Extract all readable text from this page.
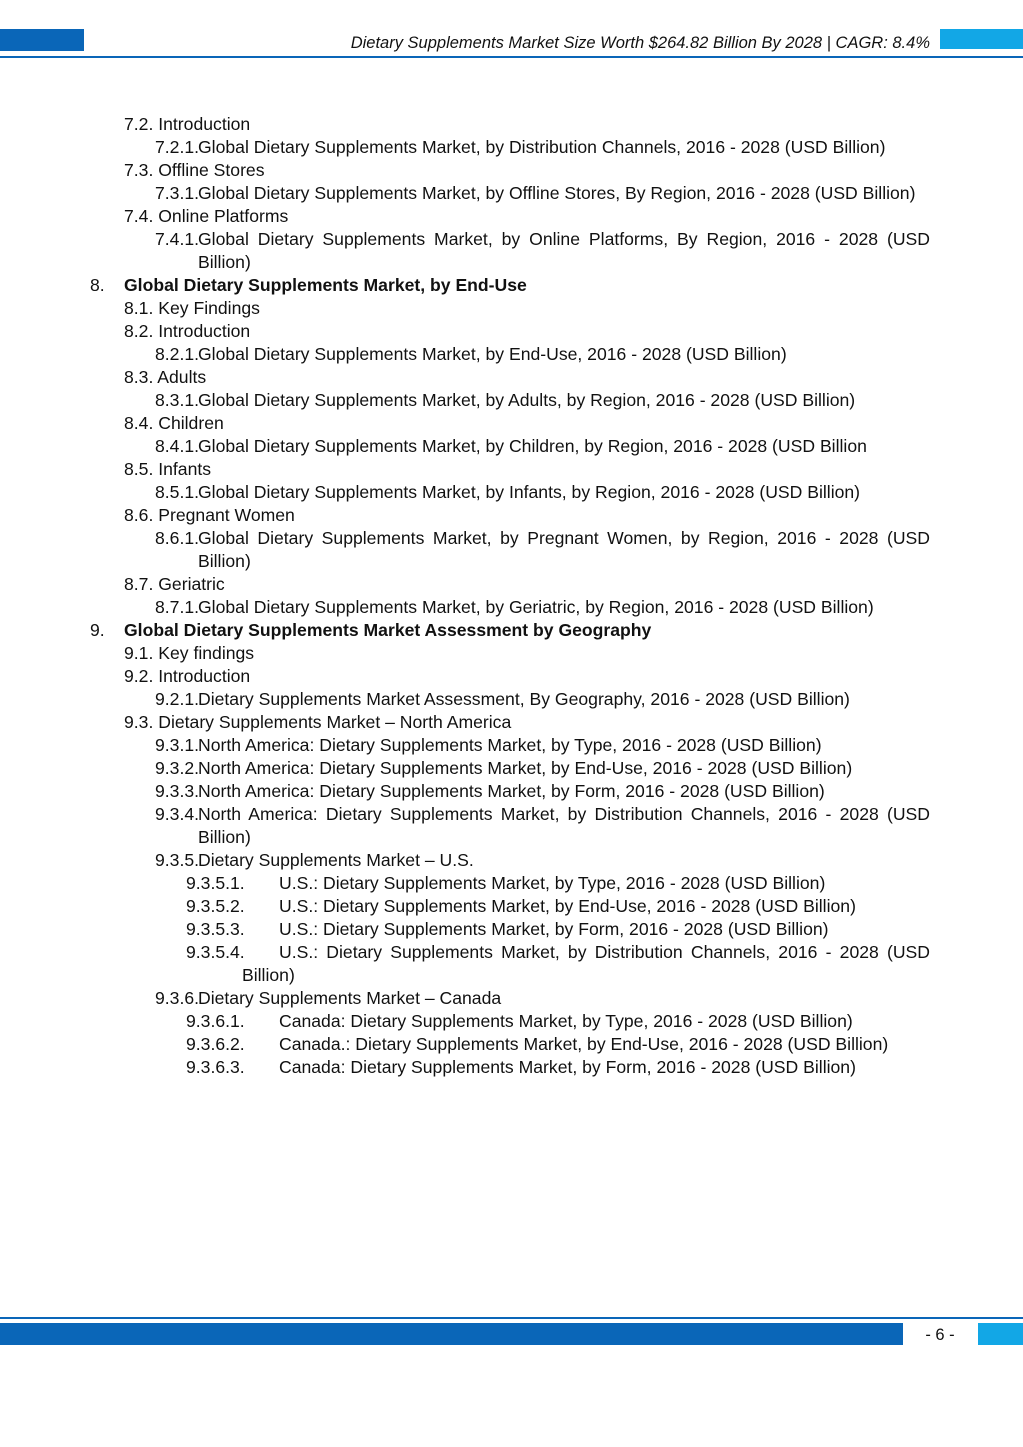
Dietary Supplements Market Size Worth $264.82 Billion By 2028 | CAGR: 8.4%
7.2. Introduction
7.2.1.
Global Dietary Supplements Market, by Distribution Channels, 2016 - 2028 (USD Billion)
7.3. Offline Stores
7.3.1.
Global Dietary Supplements Market, by Offline Stores, By Region, 2016 - 2028 (USD Billion)
7.4. Online Platforms
7.4.1.
Global Dietary Supplements Market, by Online Platforms, By Region, 2016 - 2028 (USD Billion)
8. Global Dietary Supplements Market, by End-Use
8.1. Key Findings
8.2. Introduction
8.2.1.
Global Dietary Supplements Market, by End-Use, 2016 - 2028 (USD Billion)
8.3. Adults
8.3.1.
Global Dietary Supplements Market, by Adults, by Region, 2016 - 2028 (USD Billion)
8.4. Children
8.4.1.
Global Dietary Supplements Market, by Children, by Region, 2016 - 2028 (USD Billion
8.5. Infants
8.5.1.
Global Dietary Supplements Market, by Infants, by Region, 2016 - 2028 (USD Billion)
8.6. Pregnant Women
8.6.1.
Global Dietary Supplements Market, by Pregnant Women, by Region, 2016 - 2028 (USD Billion)
8.7. Geriatric
8.7.1.
Global Dietary Supplements Market, by Geriatric, by Region, 2016 - 2028 (USD Billion)
9. Global Dietary Supplements Market Assessment by Geography
9.1. Key findings
9.2. Introduction
9.2.1.
Dietary Supplements Market Assessment, By Geography, 2016 - 2028 (USD Billion)
9.3. Dietary Supplements Market – North America
9.3.1.
North America: Dietary Supplements Market, by Type, 2016 - 2028 (USD Billion)
9.3.2.
North America: Dietary Supplements Market, by End-Use, 2016 - 2028 (USD Billion)
9.3.3.
North America: Dietary Supplements Market, by Form, 2016 - 2028 (USD Billion)
9.3.4.
North America: Dietary Supplements Market, by Distribution Channels, 2016 - 2028 (USD Billion)
9.3.5.
Dietary Supplements Market – U.S.
9.3.5.1. U.S.: Dietary Supplements Market, by Type, 2016 - 2028 (USD Billion)
9.3.5.2. U.S.: Dietary Supplements Market, by End-Use, 2016 - 2028 (USD Billion)
9.3.5.3. U.S.: Dietary Supplements Market, by Form, 2016 - 2028 (USD Billion)
9.3.5.4. U.S.: Dietary Supplements Market, by Distribution Channels, 2016 - 2028 (USD Billion)
9.3.6.
Dietary Supplements Market – Canada
9.3.6.1. Canada: Dietary Supplements Market, by Type, 2016 - 2028 (USD Billion)
9.3.6.2. Canada.: Dietary Supplements Market, by End-Use, 2016 - 2028 (USD Billion)
9.3.6.3. Canada: Dietary Supplements Market, by Form, 2016 - 2028 (USD Billion)
- 6 -
